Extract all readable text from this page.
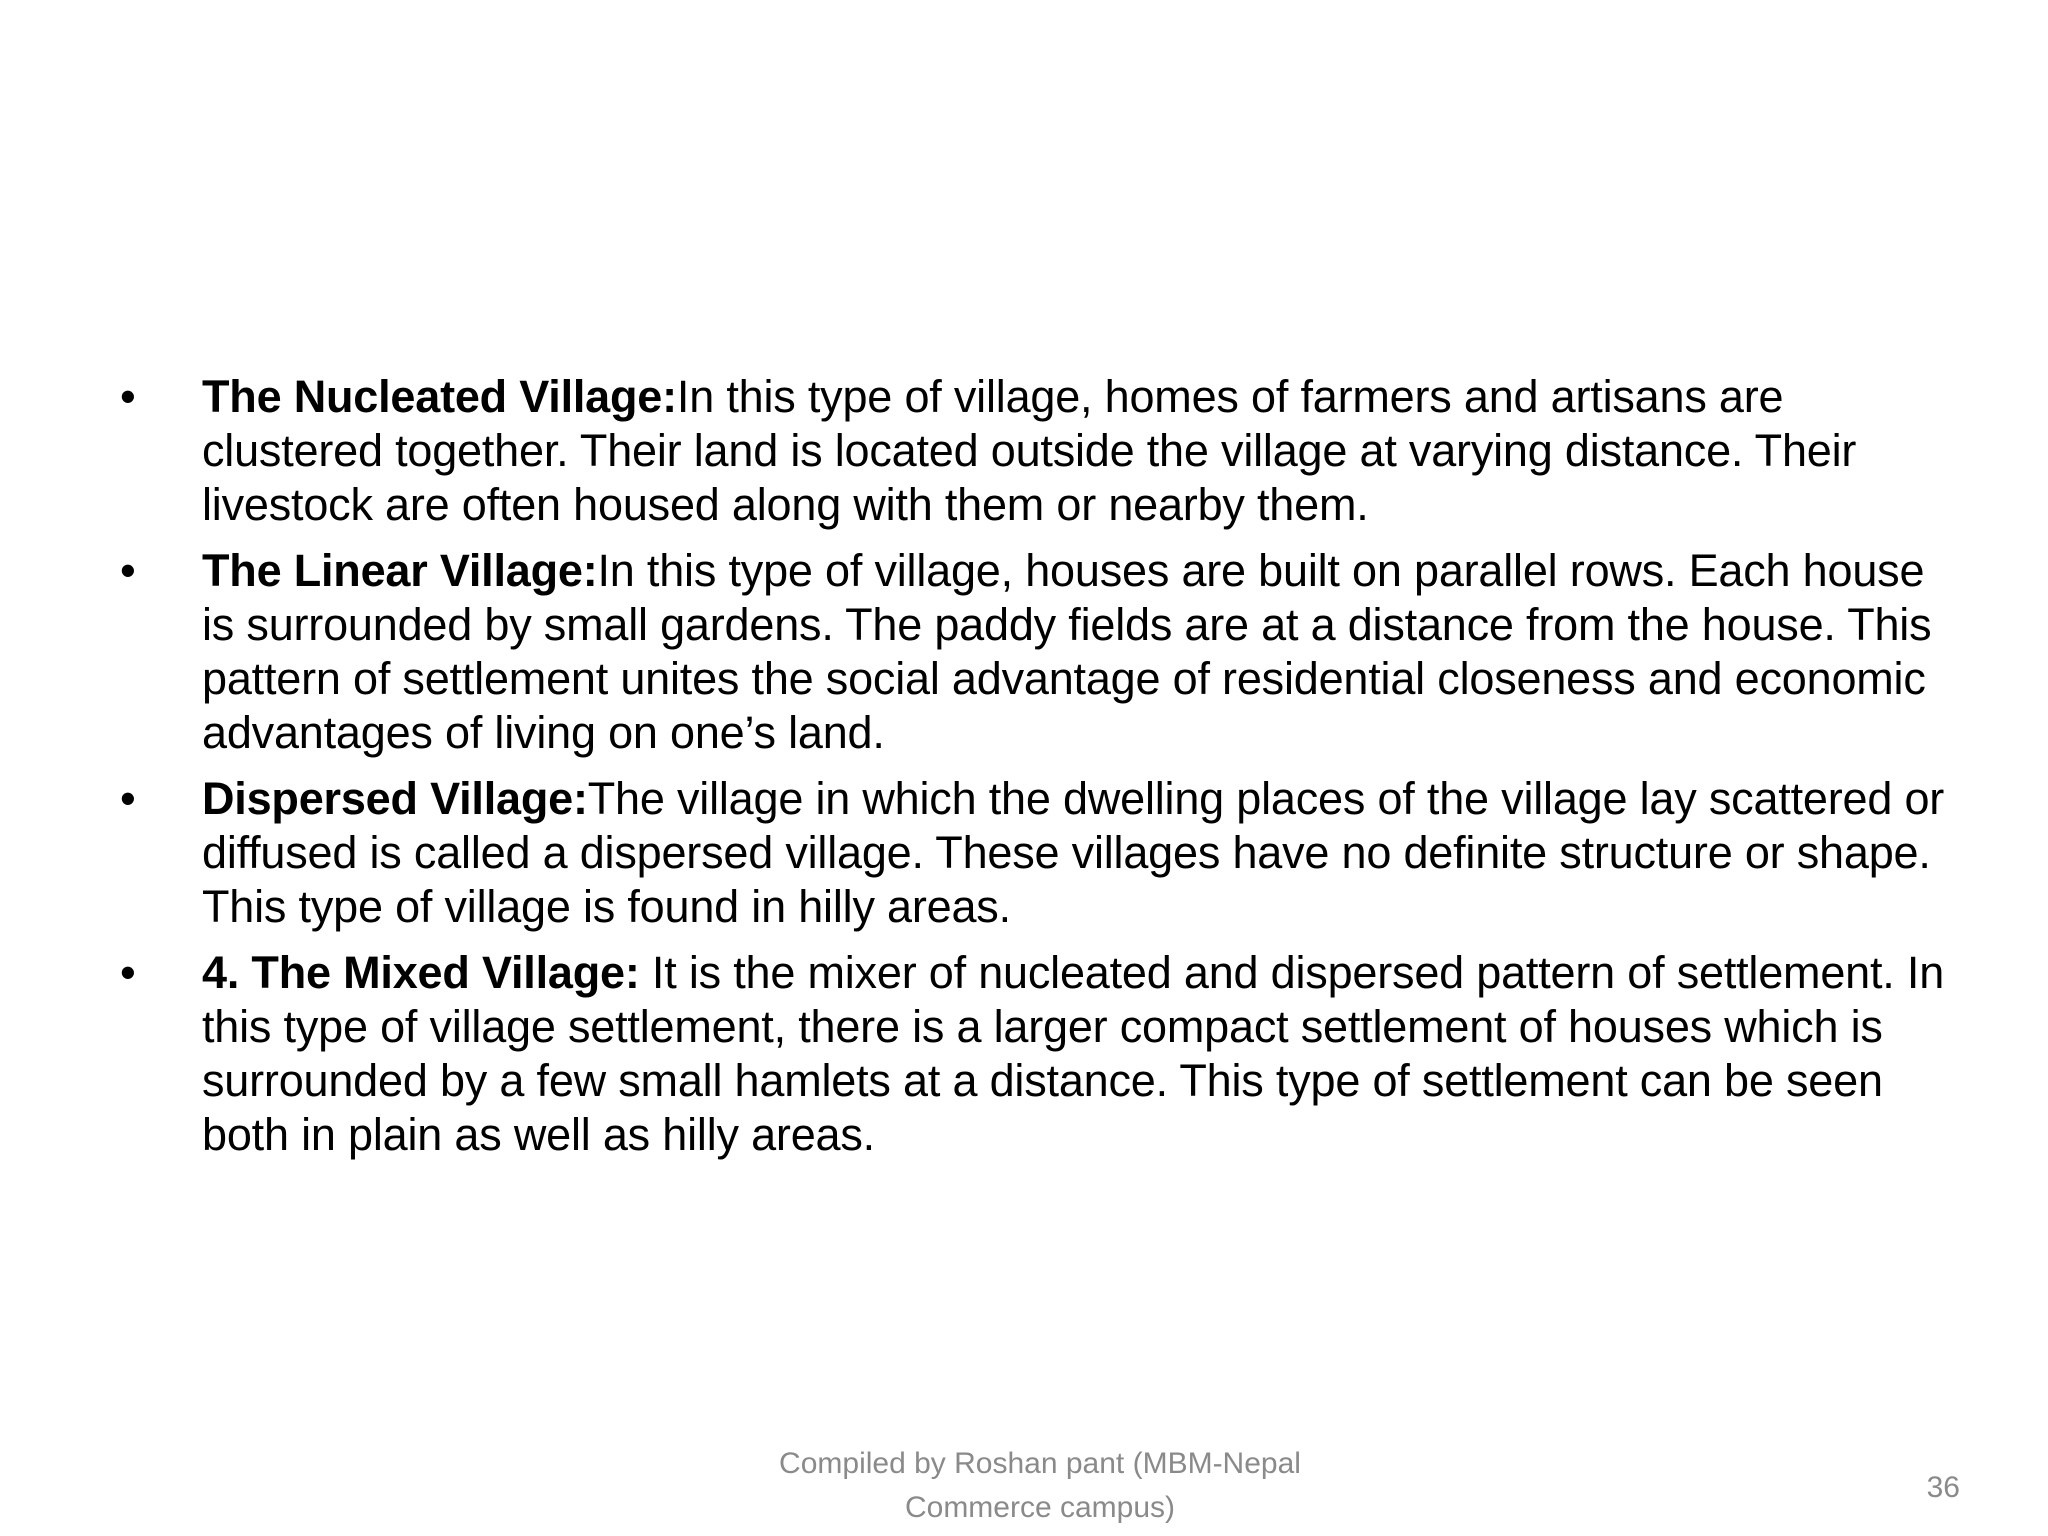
•	The Nucleated Village:In this type of village, homes of farmers and artisans are clustered together. Their land is located outside the village at varying distance. Their livestock are often housed along with them or nearby them.
•	The Linear Village:In this type of village, houses are built on parallel rows. Each house is surrounded by small gardens. The paddy fields are at a distance from the house. This pattern of settlement unites the social advantage of residential closeness and economic advantages of living on one’s land.
•	Dispersed Village:The village in which the dwelling places of the village lay scattered or diffused is called a dispersed village. These villages have no definite structure or shape. This type of village is found in hilly areas.
•	4. The Mixed Village: It is the mixer of nucleated and dispersed pattern of settlement. In this type of village settlement, there is a larger compact settlement of houses which is surrounded by a few small hamlets at a distance. This type of settlement can be seen both in plain as well as hilly areas.
Compiled by Roshan pant (MBM-Nepal
Commerce campus)
36
